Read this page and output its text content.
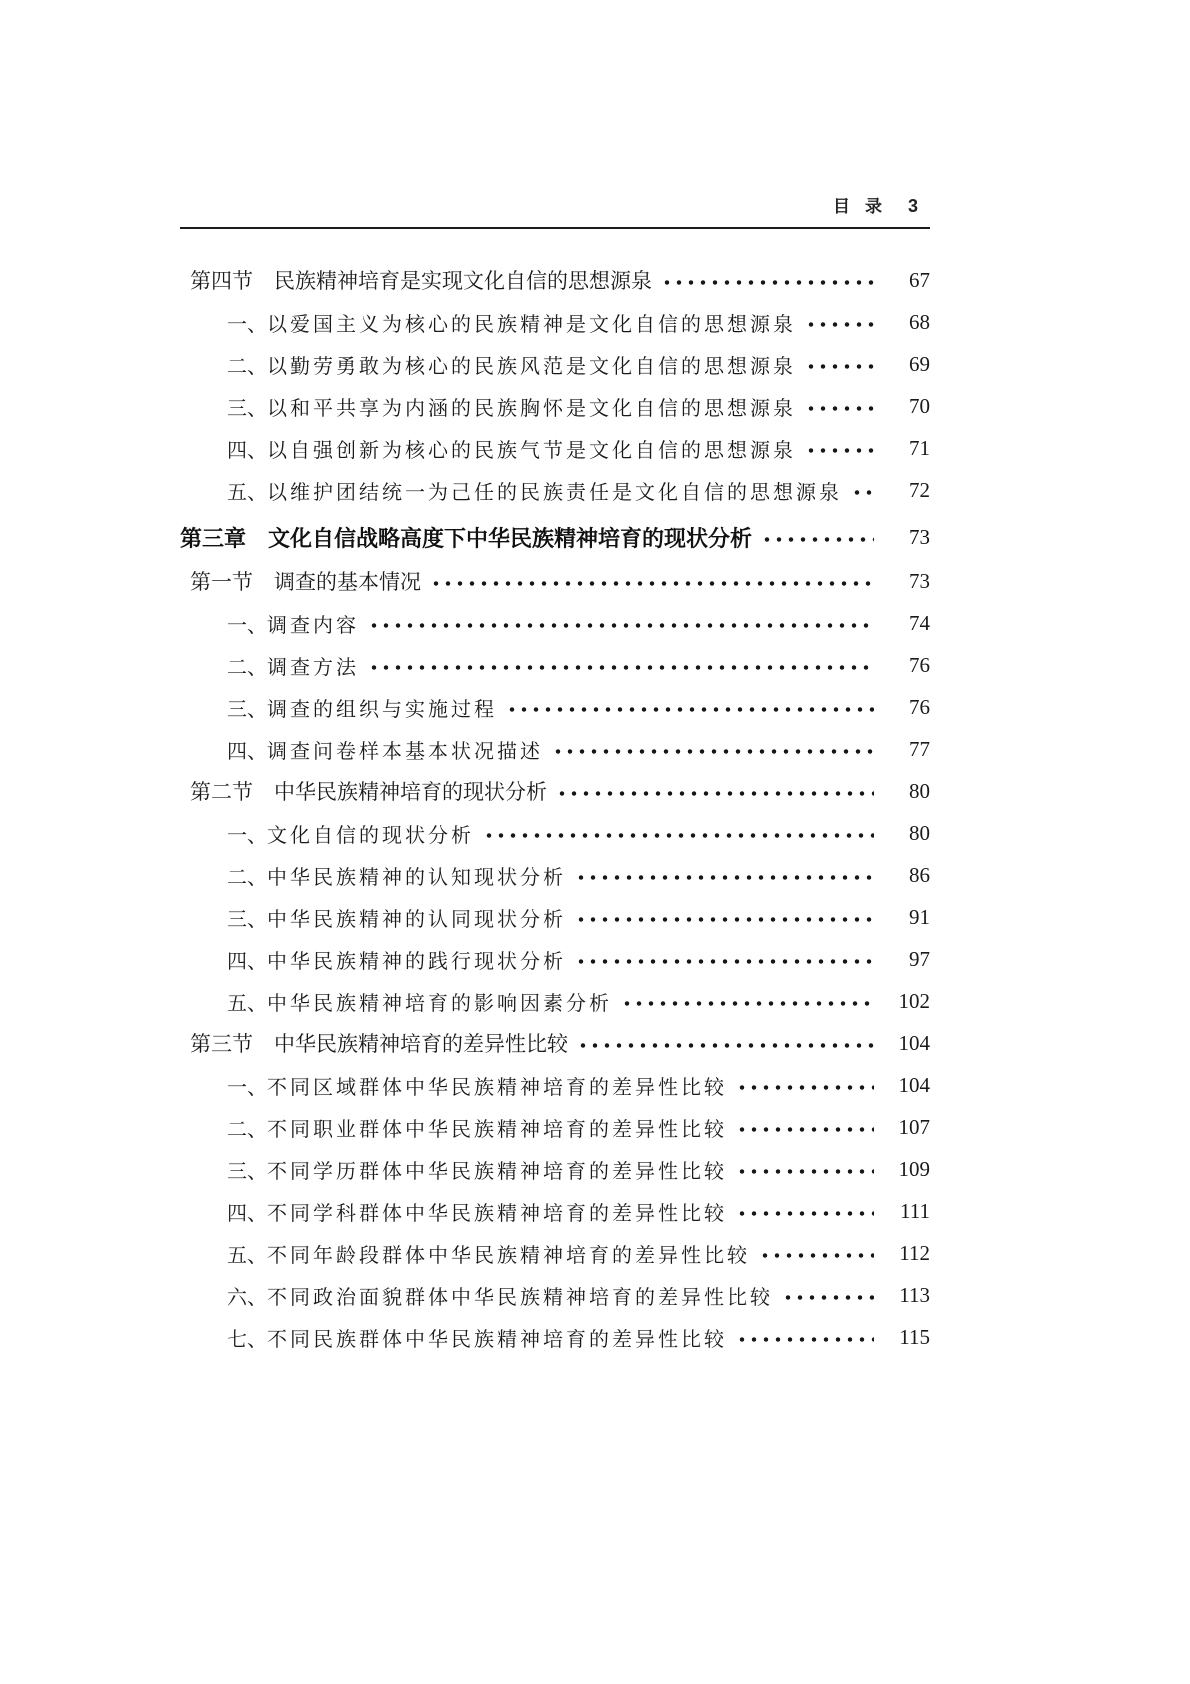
目录 3
第四节 民族精神培育是实现文化自信的思想源泉	67
一、 以爱国主义为核心的民族精神是文化自信的思想源泉	68
二、 以勤劳勇敢为核心的民族风范是文化自信的思想源泉	69
三、 以和平共享为内涵的民族胸怀是文化自信的思想源泉	70
四、 以自强创新为核心的民族气节是文化自信的思想源泉	71
五、 以维护团结统一为己任的民族责任是文化自信的思想源泉	72
第三章 文化自信战略高度下中华民族精神培育的现状分析	73
第一节 调查的基本情况	73
一、 调查内容	74
二、 调查方法	76
三、 调查的组织与实施过程	76
四、 调查问卷样本基本状况描述	77
第二节 中华民族精神培育的现状分析	80
一、 文化自信的现状分析	80
二、 中华民族精神的认知现状分析	86
三、 中华民族精神的认同现状分析	91
四、 中华民族精神的践行现状分析	97
五、 中华民族精神培育的影响因素分析	102
第三节 中华民族精神培育的差异性比较	104
一、 不同区域群体中华民族精神培育的差异性比较	104
二、 不同职业群体中华民族精神培育的差异性比较	107
三、 不同学历群体中华民族精神培育的差异性比较	109
四、 不同学科群体中华民族精神培育的差异性比较	111
五、 不同年龄段群体中华民族精神培育的差异性比较	112
六、 不同政治面貌群体中华民族精神培育的差异性比较	113
七、 不同民族群体中华民族精神培育的差异性比较	115
